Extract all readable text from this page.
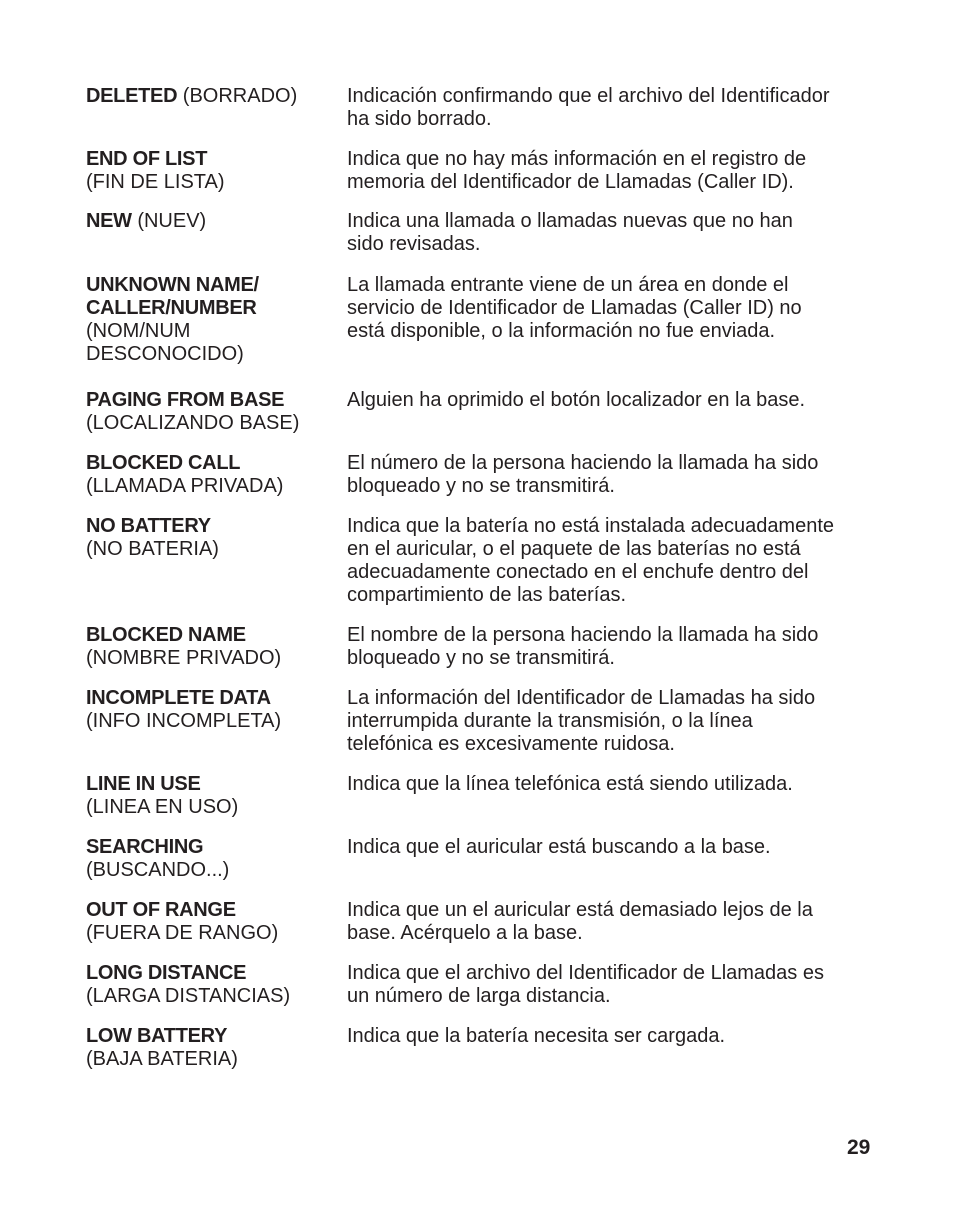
DELETED (BORRADO)	Indicación confirmando que el archivo del Identificador
ha sido borrado.
END OF LIST
(FIN DE LISTA)
Indica que no hay más información en el registro de
memoria del Identificador de Llamadas (Caller ID).
NEW (NUEV)	Indica una llamada o llamadas nuevas que no han
sido revisadas.
UNKNOWN NAME/
CALLER/NUMBER
(NOM/NUM
DESCONOCIDO)
La llamada entrante viene de un área en donde el
servicio de Identificador de Llamadas (Caller ID) no
está disponible, o la información no fue enviada.
PAGING FROM BASE
(LOCALIZANDO BASE)
Alguien ha oprimido el botón localizador en la base.
BLOCKED CALL
(LLAMADA PRIVADA)
El número de la persona haciendo la llamada ha sido
bloqueado y no se transmitirá.
NO BATTERY
(NO BATERIA)
Indica que la batería no está instalada adecuadamente
en el auricular, o el paquete de las baterías no está
adecuadamente conectado en el enchufe dentro del
compartimiento de las baterías.
BLOCKED NAME
(NOMBRE PRIVADO)
El nombre de la persona haciendo la llamada ha sido
bloqueado y no se transmitirá.
INCOMPLETE DATA
(INFO INCOMPLETA)
La información del Identificador de Llamadas ha sido
interrumpida durante la transmisión, o la línea
telefónica es excesivamente ruidosa.
LINE IN USE
(LINEA EN USO)
Indica que la línea telefónica está siendo utilizada.
SEARCHING
(BUSCANDO...)
Indica que el auricular está buscando a la base.
OUT OF RANGE
(FUERA DE RANGO)
Indica que un el auricular está demasiado lejos de la
base. Acérquelo a la base.
LONG DISTANCE
(LARGA DISTANCIAS)
Indica que el archivo del Identificador de Llamadas es
un número de larga distancia.
LOW BATTERY
(BAJA BATERIA)
Indica que la batería necesita ser cargada.
29
